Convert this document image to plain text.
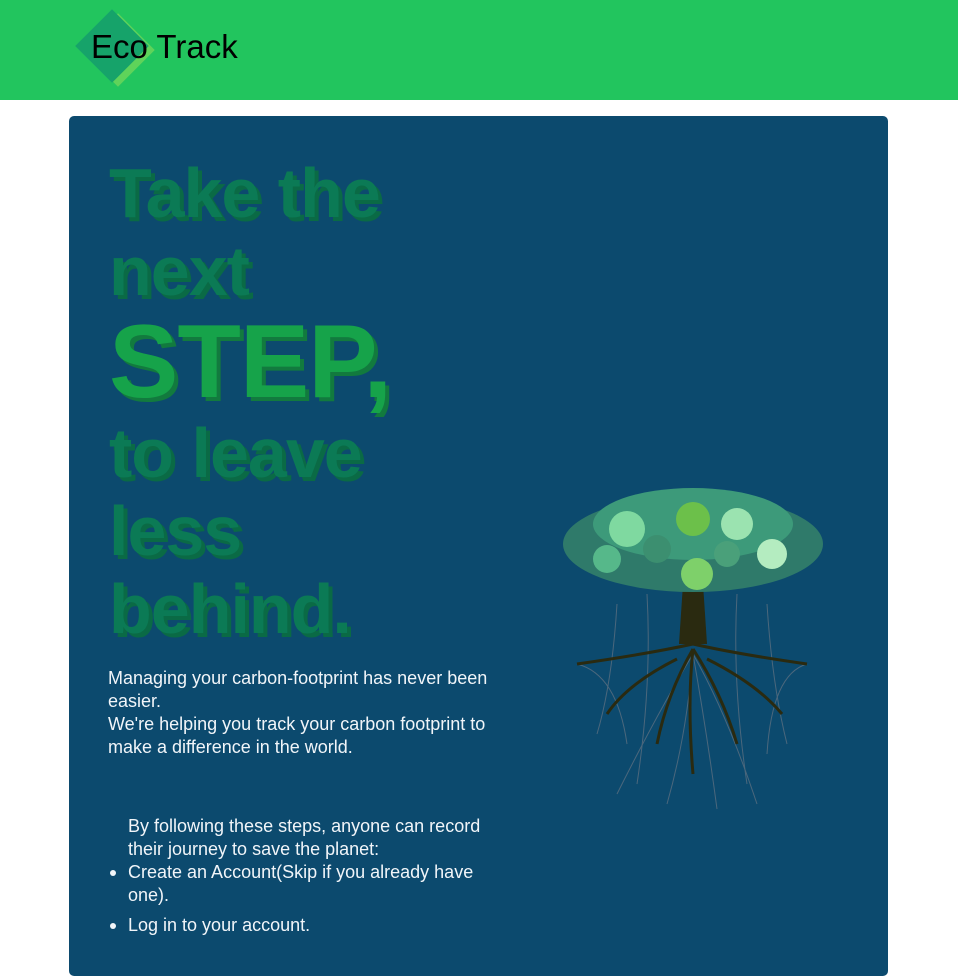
Eco Track
Take the
next
STEP,
to leave
less
behind.

Managing your carbon-footprint has never been easier.

We're helping you track your carbon footprint to make a difference in the world.

By following these steps, anyone can record their journey to save the planet:

Create an Account(Skip if you already have one).
Log in to your account.
